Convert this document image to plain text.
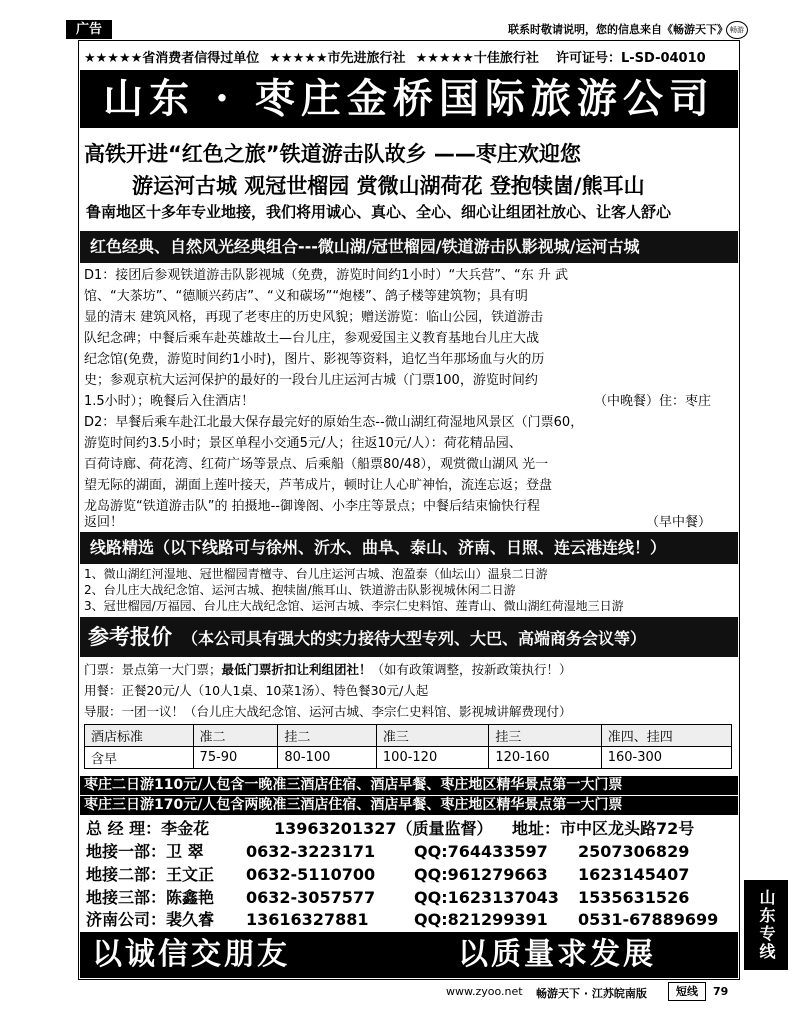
广告	联系时敬请说明，您的信息来自《畅游天下》 畅游
★★★★★省消费者信得过单位 ★★★★★市先进旅行社 ★★★★★十佳旅行社 许可证号：L-SD-04010
山东 · 枣庄金桥国际旅游公司
高铁开进“红色之旅”铁道游击队故乡 ——枣庄欢迎您
游运河古城 观冠世榴园 赏微山湖荷花 登抱犊崮/熊耳山
鲁南地区十多年专业地接，我们将用诚心、真心、全心、细心让组团社放心、让客人舒心
红色经典、自然风光经典组合---微山湖/冠世榴园/铁道游击队影视城/运河古城
D1：接团后参观铁道游击队影视城（免费，游览时间约1小时）“大兵营”、“东 升 武
馆、“大茶坊”、“德顺兴药店”、“义和碳场”“炮楼”、鸽子楼等建筑物；具有明
显的清末 建筑风格，再现了老枣庄的历史风貌；赠送游览：临山公园，铁道游击
队纪念碑；中餐后乘车赴英雄故土—台儿庄，参观爱国主义教育基地台儿庄大战
纪念馆(免费，游览时间约1小时)，图片、影视等资料，追忆当年那场血与火的历
史；参观京杭大运河保护的最好的一段台儿庄运河古城（门票100，游览时间约
1.5小时）；晚餐后入住酒店！	（中晚餐）住：枣庄
D2：早餐后乘车赴江北最大保存最完好的原始生态--微山湖红荷湿地风景区（门票60，
游览时间约3.5小时；景区单程小交通5元/人；往返10元/人）：荷花精品园、
百荷诗廊、荷花湾、红荷广场等景点、后乘船（船票80/48），观赏微山湖风 光一
望无际的湖面，湖面上莲叶接天，芦苇成片，顿时让人心旷神怡，流连忘返；登盘
龙岛游览“铁道游击队”的 拍摄地--御谗阁、小李庄等景点；中餐后结束愉快行程
返回！	（早中餐）
线路精选（以下线路可与徐州、沂水、曲阜、泰山、济南、日照、连云港连线！）
1、微山湖红河湿地、冠世榴园青檀寺、台儿庄运河古城、泡盈泰（仙坛山）温泉二日游
2、台儿庄大战纪念馆、运河古城、抱犊崮/熊耳山、铁道游击队影视城休闲二日游
3、冠世榴园/万福园、台儿庄大战纪念馆、运河古城、李宗仁史料馆、莲青山、微山湖红荷湿地三日游
参考报价 （本公司具有强大的实力接待大型专列、大巴、高端商务会议等）
门票：景点第一大门票；最低门票折扣让利组团社！（如有政策调整，按新政策执行！）
用餐：正餐20元/人（10人1桌、10菜1汤）、特色餐30元/人起
导服：一团一议！（台儿庄大战纪念馆、运河古城、李宗仁史料馆、影视城讲解费现付）
酒店标准	准二	挂二	准三	挂三	准四、挂四
含早	75-90	80-100	100-120	120-160	160-300
枣庄二日游110元/人包含一晚准三酒店住宿、酒店早餐、枣庄地区精华景点第一大门票
枣庄三日游170元/人包含两晚准三酒店住宿、酒店早餐、枣庄地区精华景点第一大门票
总 经 理：李金花	13963201327（质量监督） 地址：市中区龙头路72号
地接一部：卫 翠	0632-3223171 QQ:764433597 2507306829
地接二部：王文正 0632-5110700 QQ:961279663 1623145407
地接三部：陈鑫艳 0632-3057577 QQ:1623137043 1535631526
济南公司：裴久睿 13616327881	QQ:821299391 0531-67889699
以诚信交朋友	以质量求发展	山东专线
www.zyoo.net 畅游天下 · 江苏皖南版	短线	79
